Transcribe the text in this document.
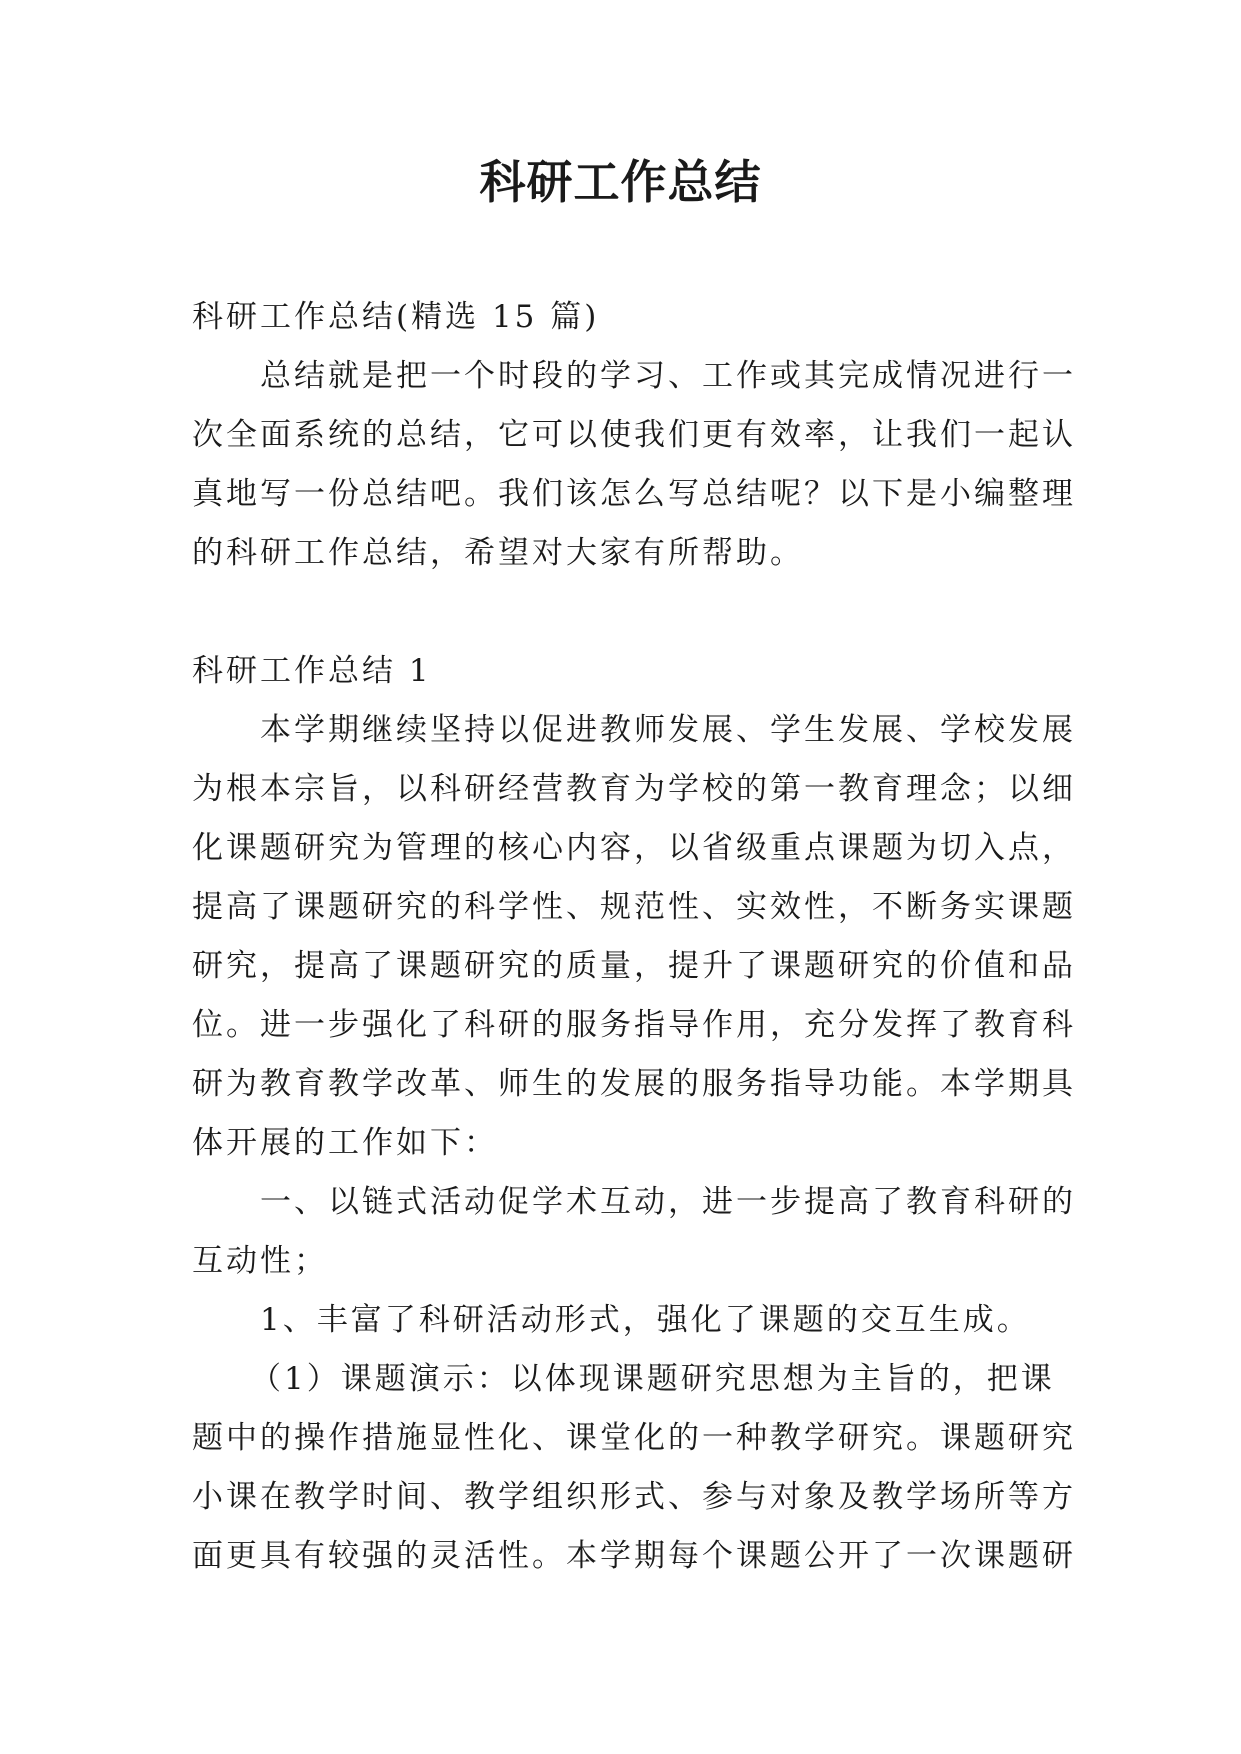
科研工作总结
科研工作总结(精选 15 篇)
总结就是把一个时段的学习、工作或其完成情况进行一
次全面系统的总结，它可以使我们更有效率，让我们一起认
真地写一份总结吧。我们该怎么写总结呢？以下是小编整理
的科研工作总结，希望对大家有所帮助。
科研工作总结 1
本学期继续坚持以促进教师发展、学生发展、学校发展
为根本宗旨，以科研经营教育为学校的第一教育理念；以细
化课题研究为管理的核心内容，以省级重点课题为切入点，
提高了课题研究的科学性、规范性、实效性，不断务实课题
研究，提高了课题研究的质量，提升了课题研究的价值和品
位。进一步强化了科研的服务指导作用，充分发挥了教育科
研为教育教学改革、师生的发展的服务指导功能。本学期具
体开展的工作如下：
一、以链式活动促学术互动，进一步提高了教育科研的
互动性；
1、丰富了科研活动形式，强化了课题的交互生成。
（1）课题演示：以体现课题研究思想为主旨的，把课
题中的操作措施显性化、课堂化的一种教学研究。课题研究
小课在教学时间、教学组织形式、参与对象及教学场所等方
面更具有较强的灵活性。本学期每个课题公开了一次课题研
